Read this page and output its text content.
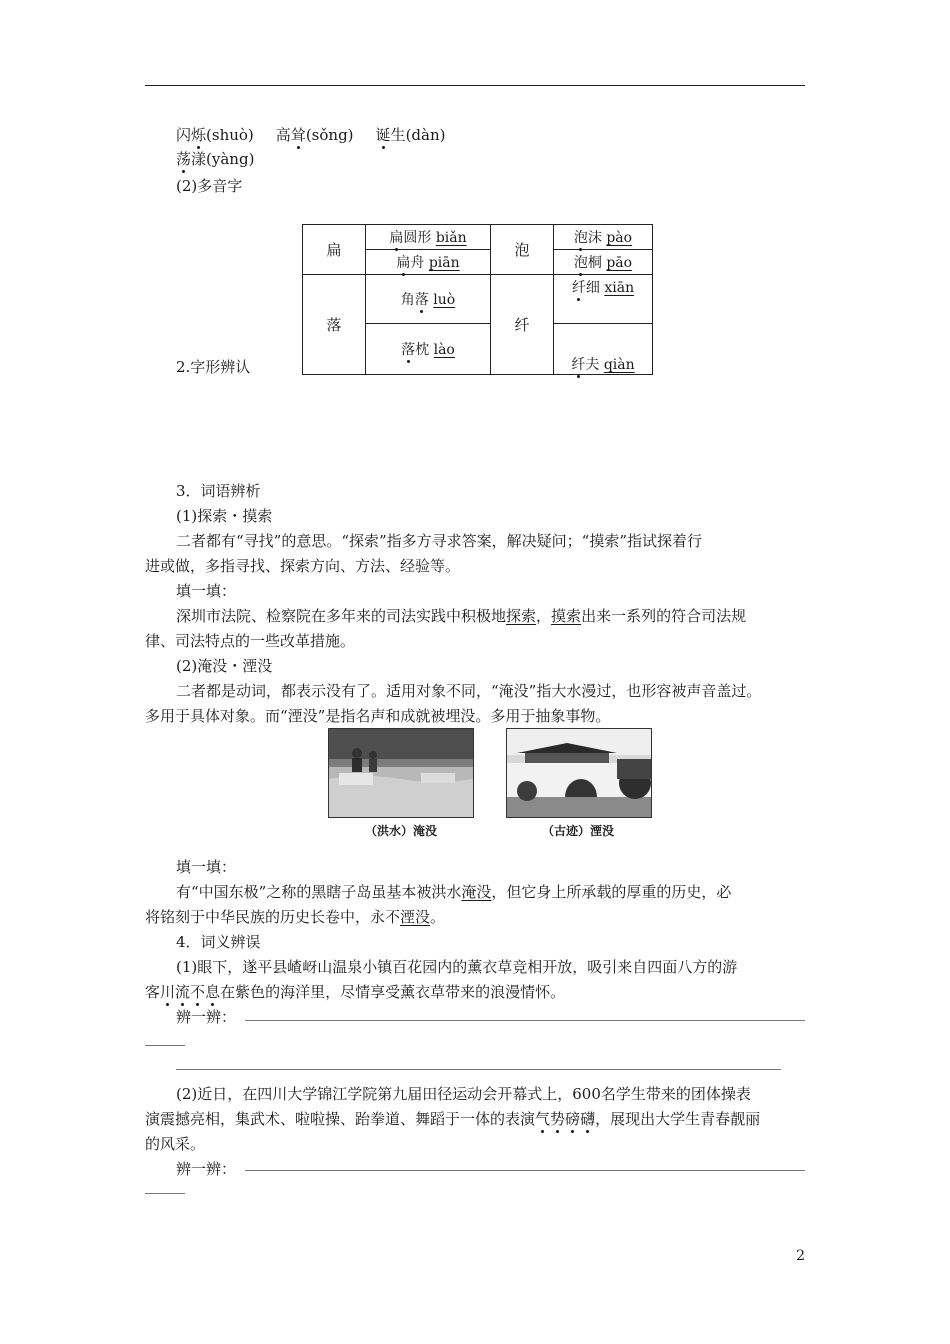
闪烁(shuò) 高耸(sǒng) 诞生(dàn)
荡漾(yàng)
(2)多音字
扁	扁圆形 biǎn	泡	泡沫 pào
	扁舟 piān		泡桐 pāo
落	角落 luò	纤	纤细 xiān
	落枕 lào		纤夫 qiàn
2.字形辨认
3．词语辨析
(1)探索・摸索
二者都有“寻找”的意思。“探索”指多方寻求答案，解决疑问；“摸索”指试探着行
进或做，多指寻找、探索方向、方法、经验等。
填一填：
深圳市法院、检察院在多年来的司法实践中积极地探索，摸索出来一系列的符合司法规
律、司法特点的一些改革措施。
(2)淹没・湮没
二者都是动词，都表示没有了。适用对象不同，“淹没”指大水漫过，也形容被声音盖过。
多用于具体对象。而“湮没”是指名声和成就被埋没。多用于抽象事物。
（洪水）淹没	（古迹）湮没
填一填：
有“中国东极”之称的黑瞎子岛虽基本被洪水淹没，但它身上所承载的厚重的历史，必
将铭刻于中华民族的历史长卷中，永不湮没。
4．词义辨误
(1)眼下，遂平县嵖岈山温泉小镇百花园内的薰衣草竞相开放，吸引来自四面八方的游
客川流不息在紫色的海洋里，尽情享受薰衣草带来的浪漫情怀。
辨一辨：
(2)近日，在四川大学锦江学院第九届田径运动会开幕式上，600名学生带来的团体操表
演震撼亮相，集武术、啦啦操、跆拳道、舞蹈于一体的表演气势磅礴，展现出大学生青春靓丽
的风采。
辨一辨：
2
